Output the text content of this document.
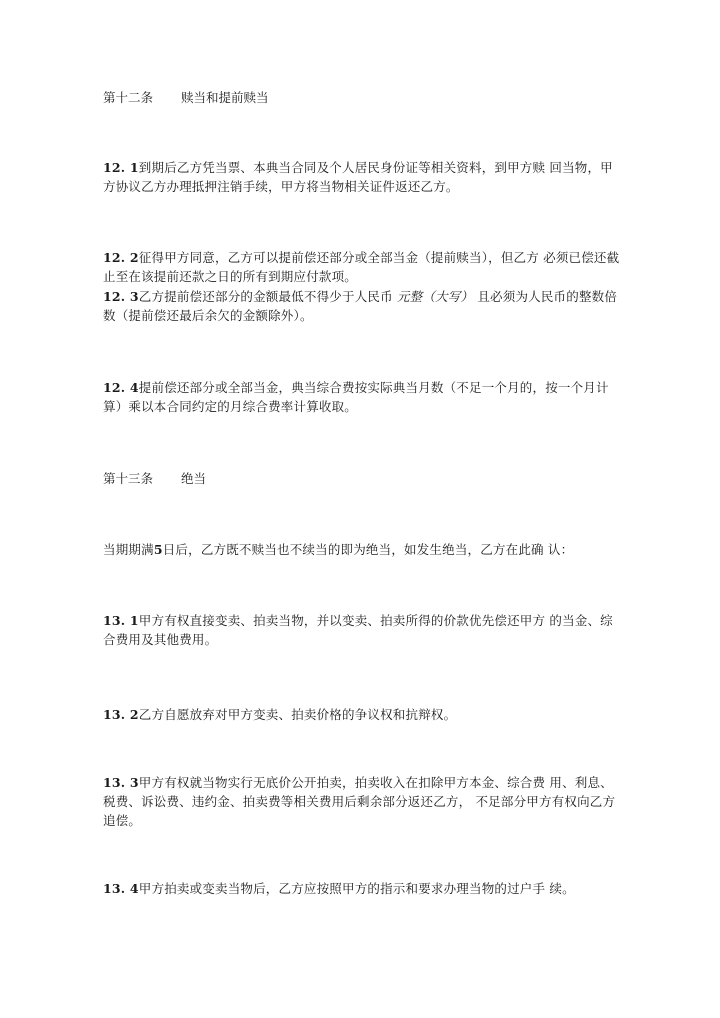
第十二条 赎当和提前赎当
12. 1到期后乙方凭当票、本典当合同及个人居民身份证等相关资料，到甲方赎 回当物，甲方协议乙方办理抵押注销手续，甲方将当物相关证件返还乙方。
12. 2征得甲方同意，乙方可以提前偿还部分或全部当金（提前赎当），但乙方 必须已偿还截止至在该提前还款之日的所有到期应付款项。
12. 3乙方提前偿还部分的金额最低不得少于人民币 元整（大写） 且必须为人民币的整数倍数（提前偿还最后余欠的金额除外）。
12. 4提前偿还部分或全部当金，典当综合费按实际典当月数（不足一个月的，按一个月计算）乘以本合同约定的月综合费率计算收取。
第十三条 绝当
当期期满5日后，乙方既不赎当也不续当的即为绝当，如发生绝当，乙方在此确 认：
13. 1甲方有权直接变卖、拍卖当物，并以变卖、拍卖所得的价款优先偿还甲方 的当金、综合费用及其他费用。
13. 2乙方自愿放弃对甲方变卖、拍卖价格的争议权和抗辩权。
13. 3甲方有权就当物实行无底价公开拍卖，拍卖收入在扣除甲方本金、综合费 用、利息、税费、诉讼费、违约金、拍卖费等相关费用后剩余部分返还乙方， 不足部分甲方有权向乙方追偿。
13. 4甲方拍卖或变卖当物后，乙方应按照甲方的指示和要求办理当物的过户手 续。
